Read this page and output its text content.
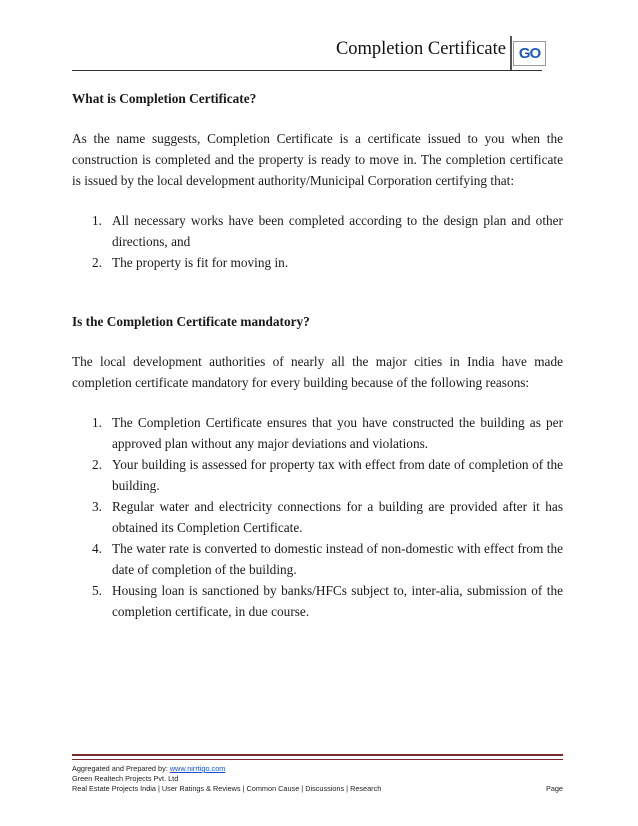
Completion Certificate GO
What is Completion Certificate?

As the name suggests, Completion Certificate is a certificate issued to you when the construction is completed and the property is ready to move in. The completion certificate is issued by the local development authority/Municipal Corporation certifying that:

1. All necessary works have been completed according to the design plan and other directions, and
2. The property is fit for moving in.
Is the Completion Certificate mandatory?

The local development authorities of nearly all the major cities in India have made completion certificate mandatory for every building because of the following reasons:

1. The Completion Certificate ensures that you have constructed the building as per approved plan without any major deviations and violations.
2. Your building is assessed for property tax with effect from date of completion of the building.
3. Regular water and electricity connections for a building are provided after it has obtained its Completion Certificate.
4. The water rate is converted to domestic instead of non-domestic with effect from the date of completion of the building.
5. Housing loan is sanctioned by banks/HFCs subject to, inter-alia, submission of the completion certificate, in due course.
Aggregated and Prepared by: www.nirrtigo.com
Green Realtech Projects Pvt. Ltd
Real Estate Projects India | User Ratings & Reviews | Common Cause | Discussions | Research	Page
